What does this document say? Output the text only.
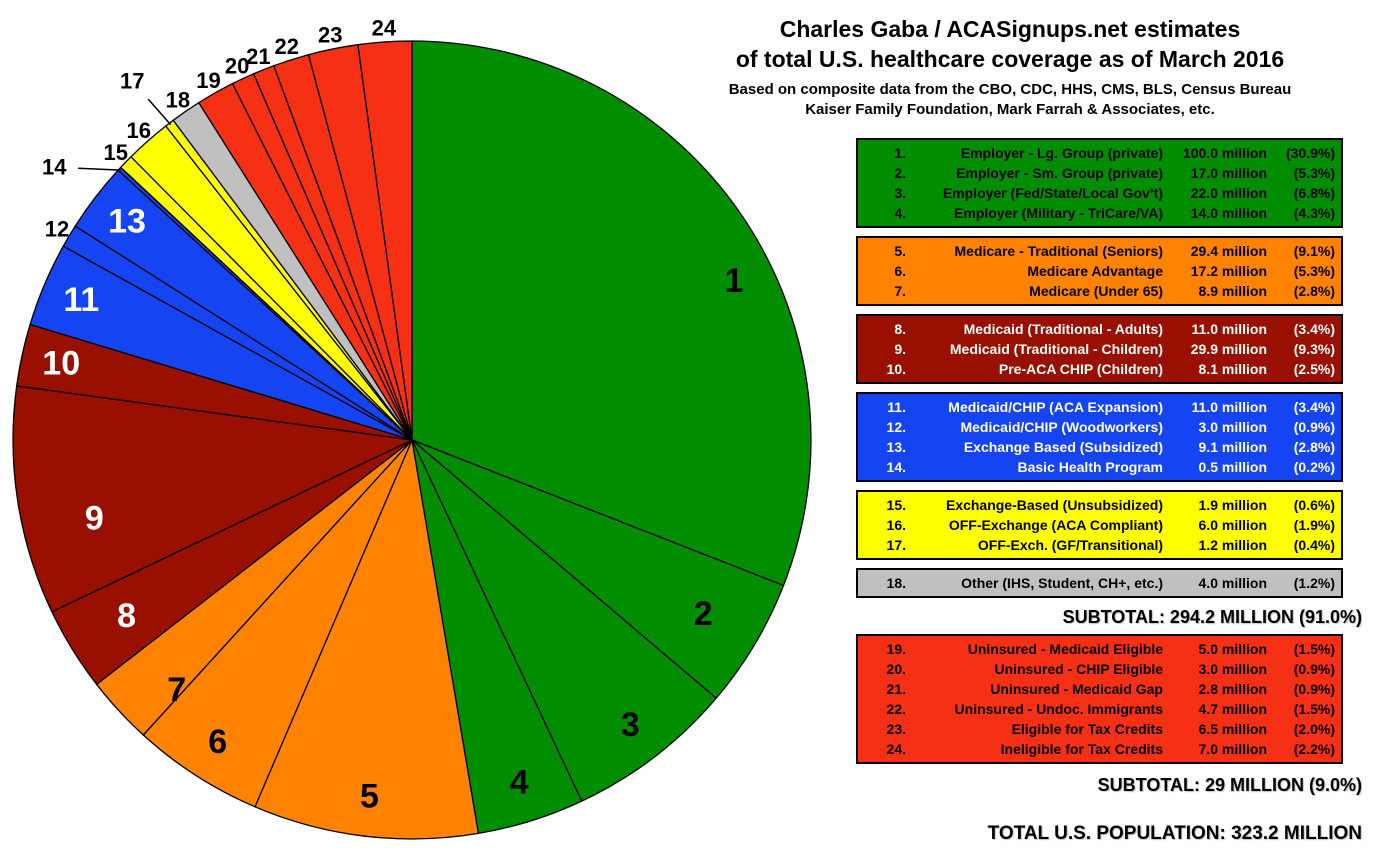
1
2
3
4
5
6
7
8
9
10
11
12 13
14
15
16
17
18
19
20
21 22 23 24	Charles Gaba / ACASignups.net estimates
of total U.S. healthcare coverage as of March 2016
Based on composite data from the CBO, CDC, HHS, CMS, BLS, Census Bureau
Kaiser Family Foundation, Mark Farrah & Associates, etc.
1.	Employer - Lg. Group (private)	100.0 million	(30.9%)
2.	Employer - Sm. Group (private)	17.0 million	(5.3%)
3.	Employer (Fed/State/Local Gov’t)	22.0 million	(6.8%)
4.	Employer (Military - TriCare/VA)	14.0 million	(4.3%)
5.	Medicare - Traditional (Seniors)	29.4 million	(9.1%)
6.	Medicare Advantage	17.2 million	(5.3%)
7.	Medicare (Under 65)	8.9 million	(2.8%)
8.	Medicaid (Traditional - Adults)	11.0 million	(3.4%)
9.	Medicaid (Traditional - Children)	29.9 million	(9.3%)
10.	Pre-ACA CHIP (Children)	8.1 million	(2.5%)
11.	Medicaid/CHIP (ACA Expansion)	11.0 million	(3.4%)
12.	Medicaid/CHIP (Woodworkers)	3.0 million	(0.9%)
13.	Exchange Based (Subsidized)	9.1 million	(2.8%)
14.	Basic Health Program	0.5 million	(0.2%)
15.	Exchange-Based (Unsubsidized)	1.9 million	(0.6%)
16.	OFF-Exchange (ACA Compliant)	6.0 million	(1.9%)
17.	OFF-Exch. (GF/Transitional)	1.2 million	(0.4%)
18.	Other (IHS, Student, CH+, etc.)	4.0 million	(1.2%)
SUBTOTAL: 294.2 MILLION (91.0%)
19.	Uninsured - Medicaid Eligible	5.0 million	(1.5%)
20.	Uninsured - CHIP Eligible	3.0 million	(0.9%)
21.	Uninsured - Medicaid Gap	2.8 million	(0.9%)
22.	Uninsured - Undoc. Immigrants	4.7 million	(1.5%)
23.	Eligible for Tax Credits	6.5 million	(2.0%)
24.	Ineligible for Tax Credits	7.0 million	(2.2%)
SUBTOTAL: 29 MILLION (9.0%)
TOTAL U.S. POPULATION: 323.2 MILLION
